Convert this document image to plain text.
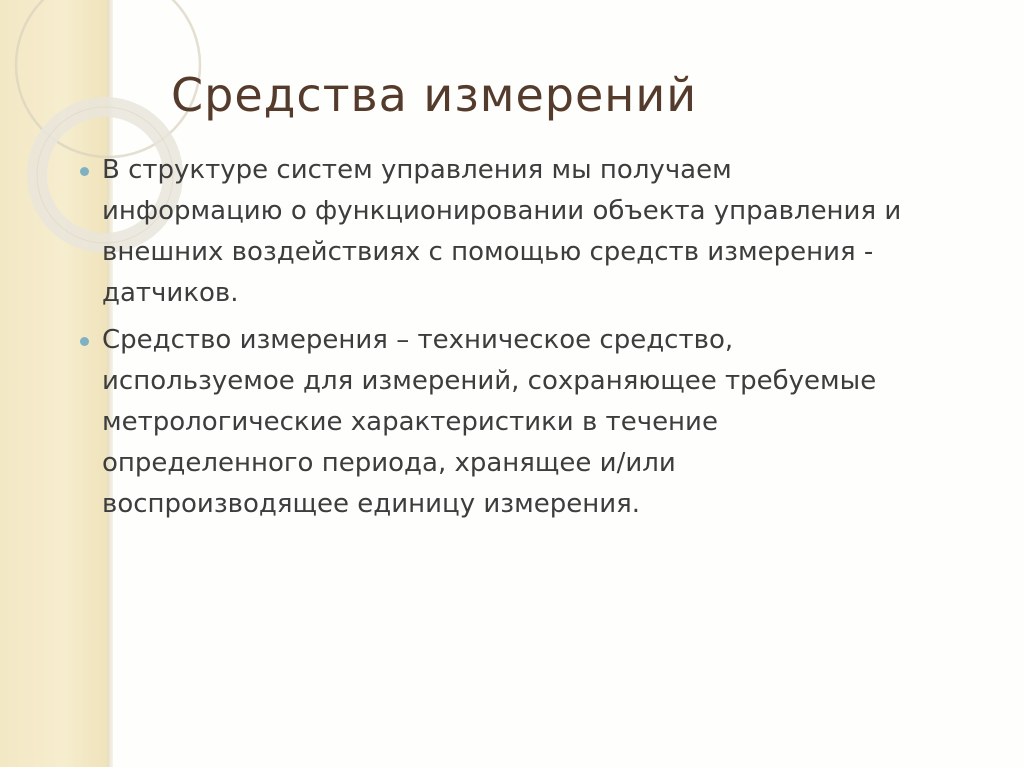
Средства измерений
В структуре систем управления мы получаем
информацию о функционировании объекта управления и
внешних воздействиях с помощью средств измерения -
датчиков.
Средство измерения – техническое средство,
используемое для измерений, сохраняющее требуемые
метрологические характеристики в течение
определенного периода, хранящее и/или
воспроизводящее единицу измерения.
